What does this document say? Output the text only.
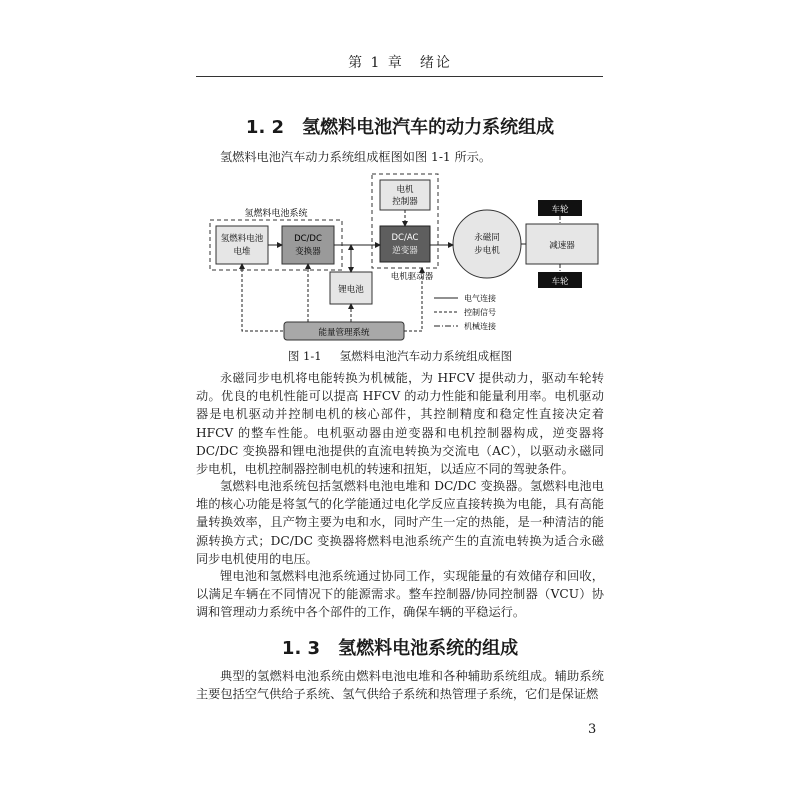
第 1 章　绪论
1. 2 氢燃料电池汽车的动力系统组成

氢燃料电池汽车动力系统组成框图如图 1-1 所示。

氢燃料电池系统
氢燃料电池
电堆
DC/DC
变换器
电机
控制器
DC/AC
逆变器
电机驱动器
永磁同
步电机	减速器
车轮
车轮
锂电池
能量管理系统
电气连接
控制信号
机械连接
图 1-1 氢燃料电池汽车动力系统组成框图

永磁同步电机将电能转换为机械能，为 HFCV 提供动力，驱动车轮转动。优良的电机性能可以提高 HFCV 的动力性能和能量利用率。电机驱动器是电机驱动并控制电机的核心部件，其控制精度和稳定性直接决定着 HFCV 的整车性能。电机驱动器由逆变器和电机控制器构成，逆变器将 DC/DC 变换器和锂电池提供的直流电转换为交流电（AC），以驱动永磁同步电机，电机控制器控制电机的转速和扭矩，以适应不同的驾驶条件。

氢燃料电池系统包括氢燃料电池电堆和 DC/DC 变换器。氢燃料电池电堆的核心功能是将氢气的化学能通过电化学反应直接转换为电能，具有高能量转换效率，且产物主要为电和水，同时产生一定的热能，是一种清洁的能源转换方式；DC/DC 变换器将燃料电池系统产生的直流电转换为适合永磁同步电机使用的电压。

锂电池和氢燃料电池系统通过协同工作，实现能量的有效储存和回收，以满足车辆在不同情况下的能源需求。整车控制器/协同控制器（VCU）协调和管理动力系统中各个部件的工作，确保车辆的平稳运行。

1. 3 氢燃料电池系统的组成

典型的氢燃料电池系统由燃料电池电堆和各种辅助系统组成。辅助系统主要包括空气供给子系统、氢气供给子系统和热管理子系统，它们是保证燃

3
